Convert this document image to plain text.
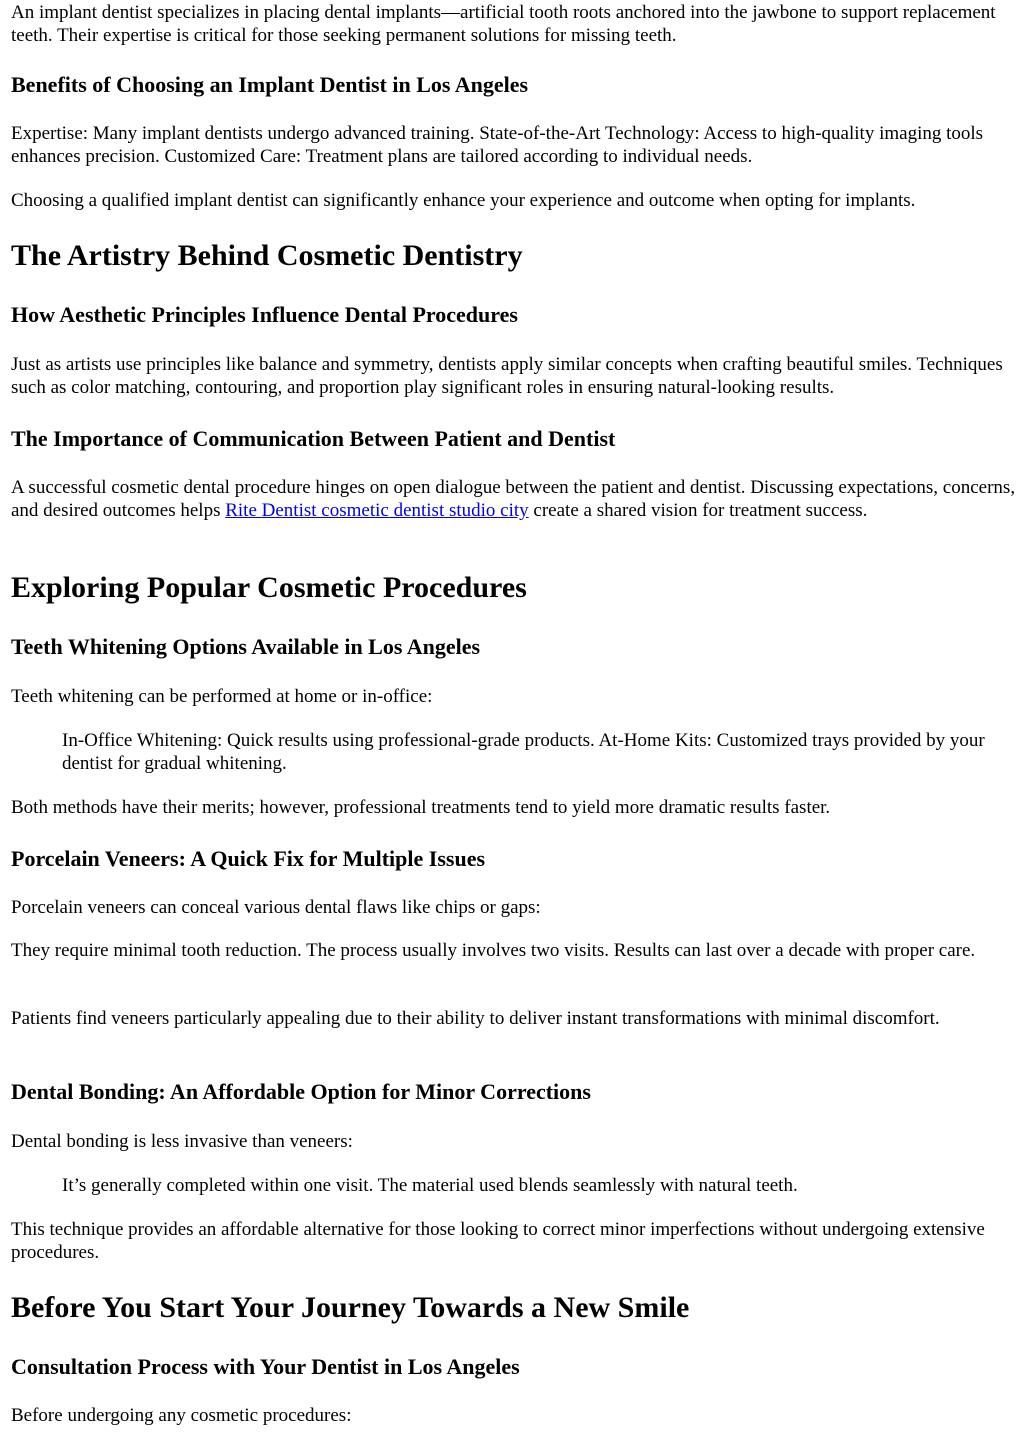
An implant dentist specializes in placing dental implants—artificial tooth roots anchored into the jawbone to support replacement teeth. Their expertise is critical for those seeking permanent solutions for missing teeth.

Benefits of Choosing an Implant Dentist in Los Angeles

Expertise: Many implant dentists undergo advanced training. State-of-the-Art Technology: Access to high-quality imaging tools enhances precision. Customized Care: Treatment plans are tailored according to individual needs.

Choosing a qualified implant dentist can significantly enhance your experience and outcome when opting for implants.

The Artistry Behind Cosmetic Dentistry
How Aesthetic Principles Influence Dental Procedures

Just as artists use principles like balance and symmetry, dentists apply similar concepts when crafting beautiful smiles. Techniques such as color matching, contouring, and proportion play significant roles in ensuring natural-looking results.

The Importance of Communication Between Patient and Dentist

A successful cosmetic dental procedure hinges on open dialogue between the patient and dentist. Discussing expectations, concerns, and desired outcomes helps Rite Dentist cosmetic dentist studio city create a shared vision for treatment success.

Exploring Popular Cosmetic Procedures
Teeth Whitening Options Available in Los Angeles

Teeth whitening can be performed at home or in-office:

In-Office Whitening: Quick results using professional-grade products. At-Home Kits: Customized trays provided by your dentist for gradual whitening.

Both methods have their merits; however, professional treatments tend to yield more dramatic results faster.

Porcelain Veneers: A Quick Fix for Multiple Issues

Porcelain veneers can conceal various dental flaws like chips or gaps:

They require minimal tooth reduction. The process usually involves two visits. Results can last over a decade with proper care.

Patients find veneers particularly appealing due to their ability to deliver instant transformations with minimal discomfort.

Dental Bonding: An Affordable Option for Minor Corrections

Dental bonding is less invasive than veneers:

It’s generally completed within one visit. The material used blends seamlessly with natural teeth.

This technique provides an affordable alternative for those looking to correct minor imperfections without undergoing extensive procedures.

Before You Start Your Journey Towards a New Smile
Consultation Process with Your Dentist in Los Angeles

Before undergoing any cosmetic procedures:
